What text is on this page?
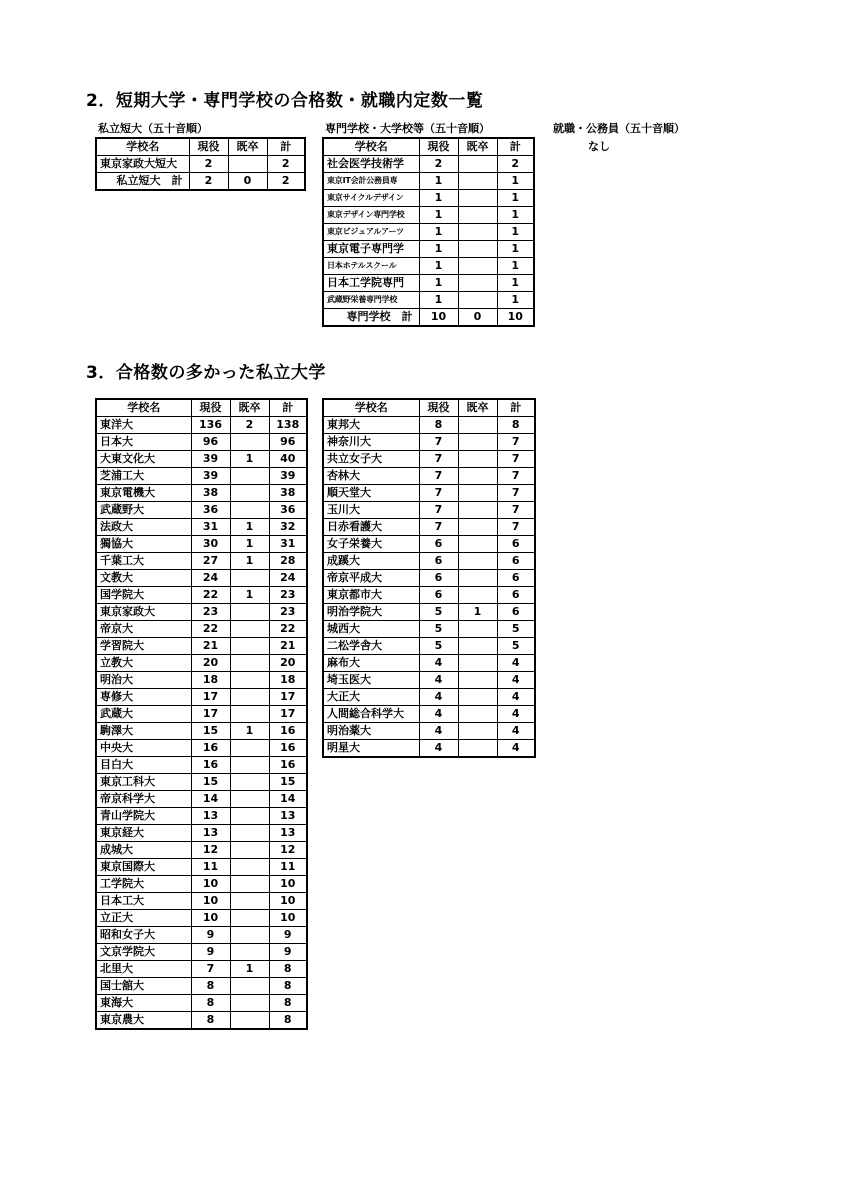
2．短期大学・専門学校の合格数・就職内定数一覧
私立短大（五十音順）
学校名	現役	既卒	計
東京家政大短大	2		2
私立短大　計	2	0	2
専門学校・大学校等（五十音順）
学校名	現役	既卒	計
社会医学技術学	2		2
東京IT会計公務員専	1		1
東京サイクルデザイン	1		1
東京デザイン専門学校	1		1
東京ビジュアルアーツ	1		1
東京電子専門学	1		1
日本ホテルスクール	1		1
日本工学院専門	1		1
武蔵野栄養専門学校	1		1
専門学校　計	10	0	10
就職・公務員（五十音順）
なし
3．合格数の多かった私立大学
学校名	現役	既卒	計
東洋大	136	2	138
日本大	96		96
大東文化大	39	1	40
芝浦工大	39		39
東京電機大	38		38
武蔵野大	36		36
法政大	31	1	32
獨協大	30	1	31
千葉工大	27	1	28
文教大	24		24
国学院大	22	1	23
東京家政大	23		23
帝京大	22		22
学習院大	21		21
立教大	20		20
明治大	18		18
専修大	17		17
武蔵大	17		17
駒澤大	15	1	16
中央大	16		16
目白大	16		16
東京工科大	15		15
帝京科学大	14		14
青山学院大	13		13
東京経大	13		13
成城大	12		12
東京国際大	11		11
工学院大	10		10
日本工大	10		10
立正大	10		10
昭和女子大	9		9
文京学院大	9		9
北里大	7	1	8
国士舘大	8		8
東海大	8		8
東京農大	8		8
学校名	現役	既卒	計
東邦大	8		8
神奈川大	7		7
共立女子大	7		7
杏林大	7		7
順天堂大	7		7
玉川大	7		7
日赤看護大	7		7
女子栄養大	6		6
成蹊大	6		6
帝京平成大	6		6
東京都市大	6		6
明治学院大	5	1	6
城西大	5		5
二松学舎大	5		5
麻布大	4		4
埼玉医大	4		4
大正大	4		4
人間総合科学大	4		4
明治薬大	4		4
明星大	4		4
